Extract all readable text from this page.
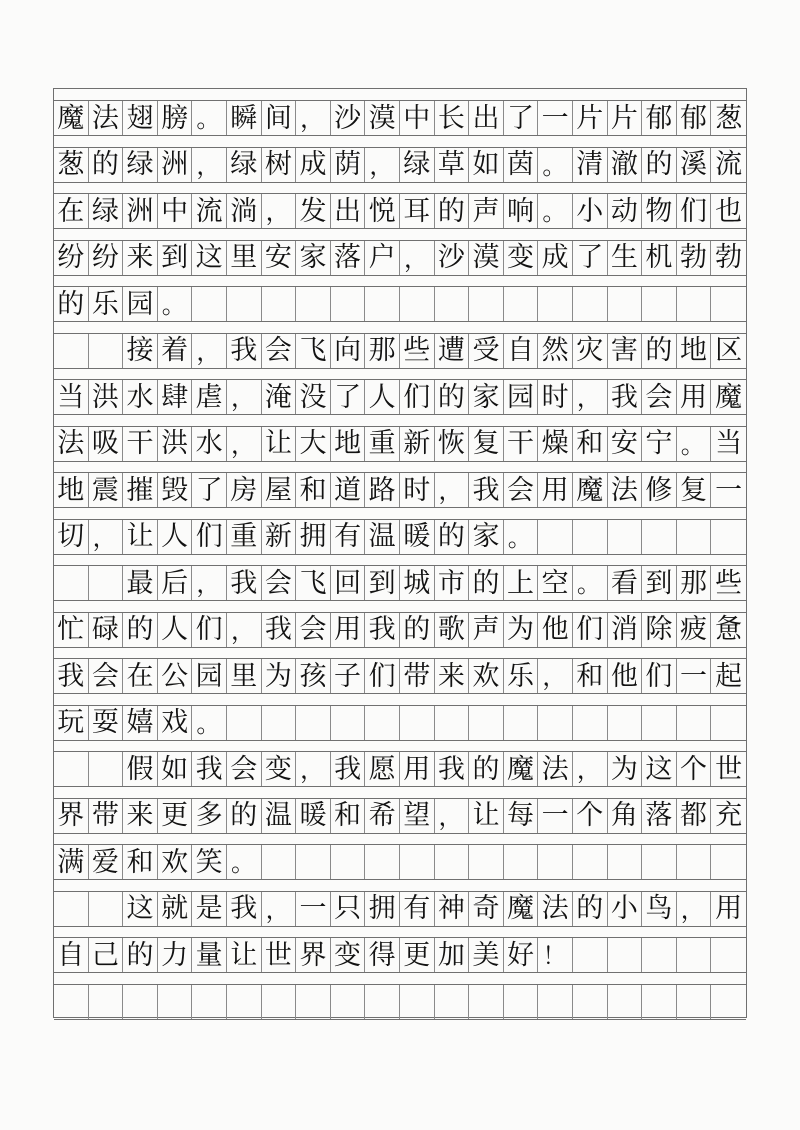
魔 法 翅 膀 。 瞬 间 ， 沙 漠 中 长 出 了 一 片 片 郁 郁 葱
葱 的 绿 洲 ， 绿 树 成 荫 ， 绿 草 如 茵 。 清 澈 的 溪 流
在 绿 洲 中 流 淌 ， 发 出 悦 耳 的 声 响 。 小 动 物 们 也
纷 纷 来 到 这 里 安 家 落 户 ， 沙 漠 变 成 了 生 机 勃 勃
的 乐 园 。
接 着 ， 我 会 飞 向 那 些 遭 受 自 然 灾 害 的 地 区
当 洪 水 肆 虐 ， 淹 没 了 人 们 的 家 园 时 ， 我 会 用 魔
法 吸 干 洪 水 ， 让 大 地 重 新 恢 复 干 燥 和 安 宁 。 当
地 震 摧 毁 了 房 屋 和 道 路 时 ， 我 会 用 魔 法 修 复 一
切 ， 让 人 们 重 新 拥 有 温 暖 的 家 。
最 后 ， 我 会 飞 回 到 城 市 的 上 空 。 看 到 那 些
忙 碌 的 人 们 ， 我 会 用 我 的 歌 声 为 他 们 消 除 疲 惫
我 会 在 公 园 里 为 孩 子 们 带 来 欢 乐 ， 和 他 们 一 起
玩 耍 嬉 戏 。
假 如 我 会 变 ， 我 愿 用 我 的 魔 法 ， 为 这 个 世
界 带 来 更 多 的 温 暖 和 希 望 ， 让 每 一 个 角 落 都 充
满 爱 和 欢 笑 。
这 就 是 我 ， 一 只 拥 有 神 奇 魔 法 的 小 鸟 ， 用
自 己 的 力 量 让 世 界 变 得 更 加 美 好 ！
